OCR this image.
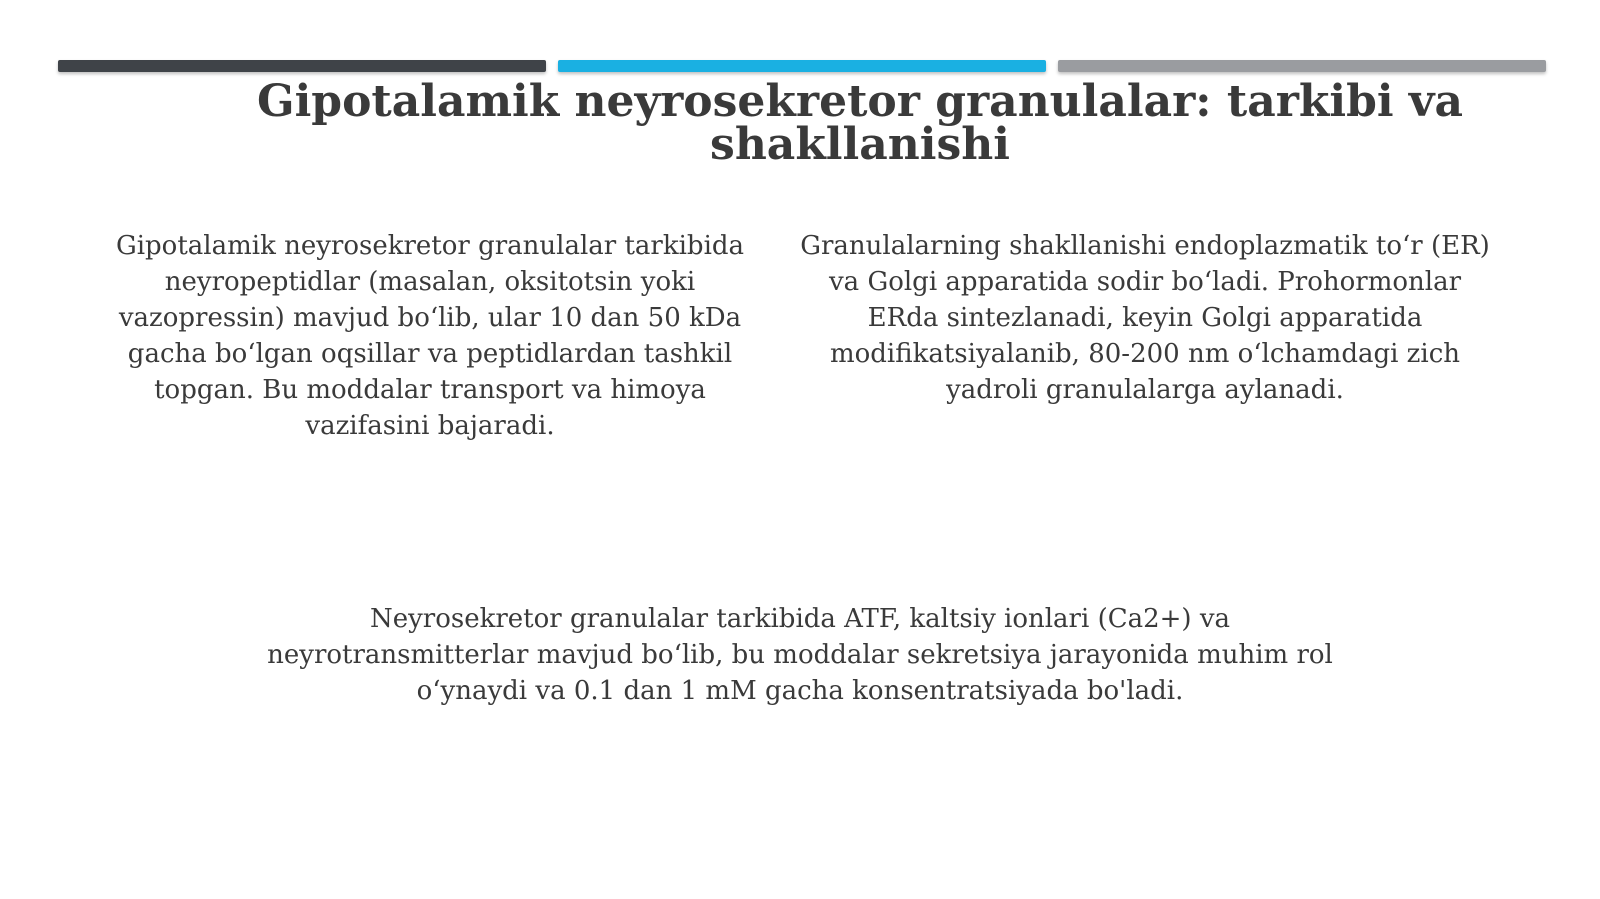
Gipotalamik neyrosekretor granulalar: tarkibi va shakllanishi

Gipotalamik neyrosekretor granulalar tarkibida neyropeptidlar (masalan, oksitotsin yoki vazopressin) mavjud bo‘lib, ular 10 dan 50 kDa gacha bo‘lgan oqsillar va peptidlardan tashkil topgan. Bu moddalar transport va himoya vazifasini bajaradi.

Granulalarning shakllanishi endoplazmatik to‘r (ER) va Golgi apparatida sodir bo‘ladi. Prohormonlar ERda sintezlanadi, keyin Golgi apparatida modifikatsiyalanib, 80-200 nm o‘lchamdagi zich yadroli granulalarga aylanadi.

Neyrosekretor granulalar tarkibida ATF, kaltsiy ionlari (Ca2+) va neyrotransmitterlar mavjud bo‘lib, bu moddalar sekretsiya jarayonida muhim rol o‘ynaydi va 0.1 dan 1 mM gacha konsentratsiyada bo'ladi.
